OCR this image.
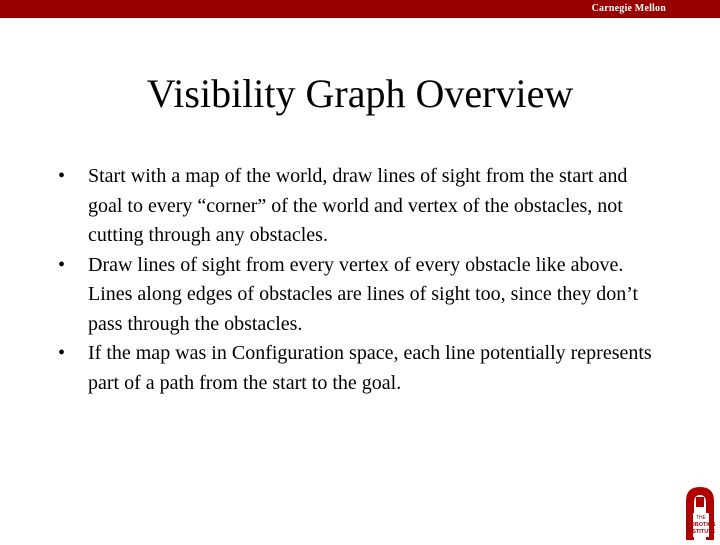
Carnegie Mellon
Visibility Graph Overview
•	Start with a map of the world, draw lines of sight from the start and goal to every “corner” of the world and vertex of the obstacles, not cutting through any obstacles.
•	Draw lines of sight from every vertex of every obstacle like above. Lines along edges of obstacles are lines of sight too, since they don’t pass through the obstacles.
•	If the map was in Configuration space, each line potentially represents part of a path from the start to the goal.
THE
ROBOTICS
INSTITUTE
